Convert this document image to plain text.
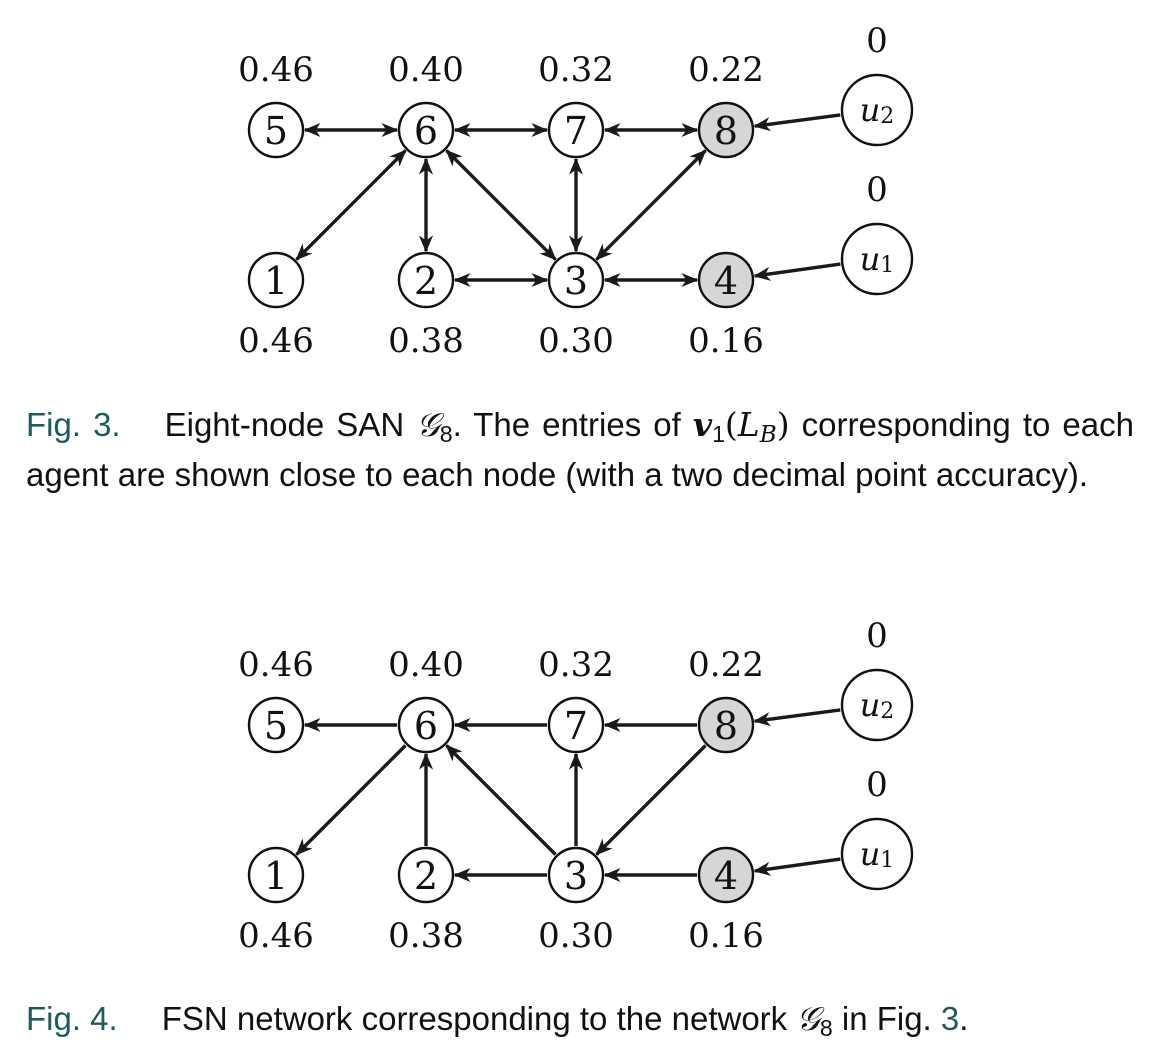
5
0.46
6
0.40
7
0.32
8
0.22
1
0.46
2
0.38
3
0.30
4
0.16
u2
0
u1
0
Fig. 3. Eight-node SAN 𝒢$_8$. The entries of $v_1(L_B)$ corresponding to each agent are shown close to each node (with a two decimal point accuracy).
5
0.46
6
0.40
7
0.32
8
0.22
1
0.46
2
0.38
3
0.30
4
0.16
u2
0
u1
0
Fig. 4. FSN network corresponding to the network 𝒢$_8$ in Fig. 3.
